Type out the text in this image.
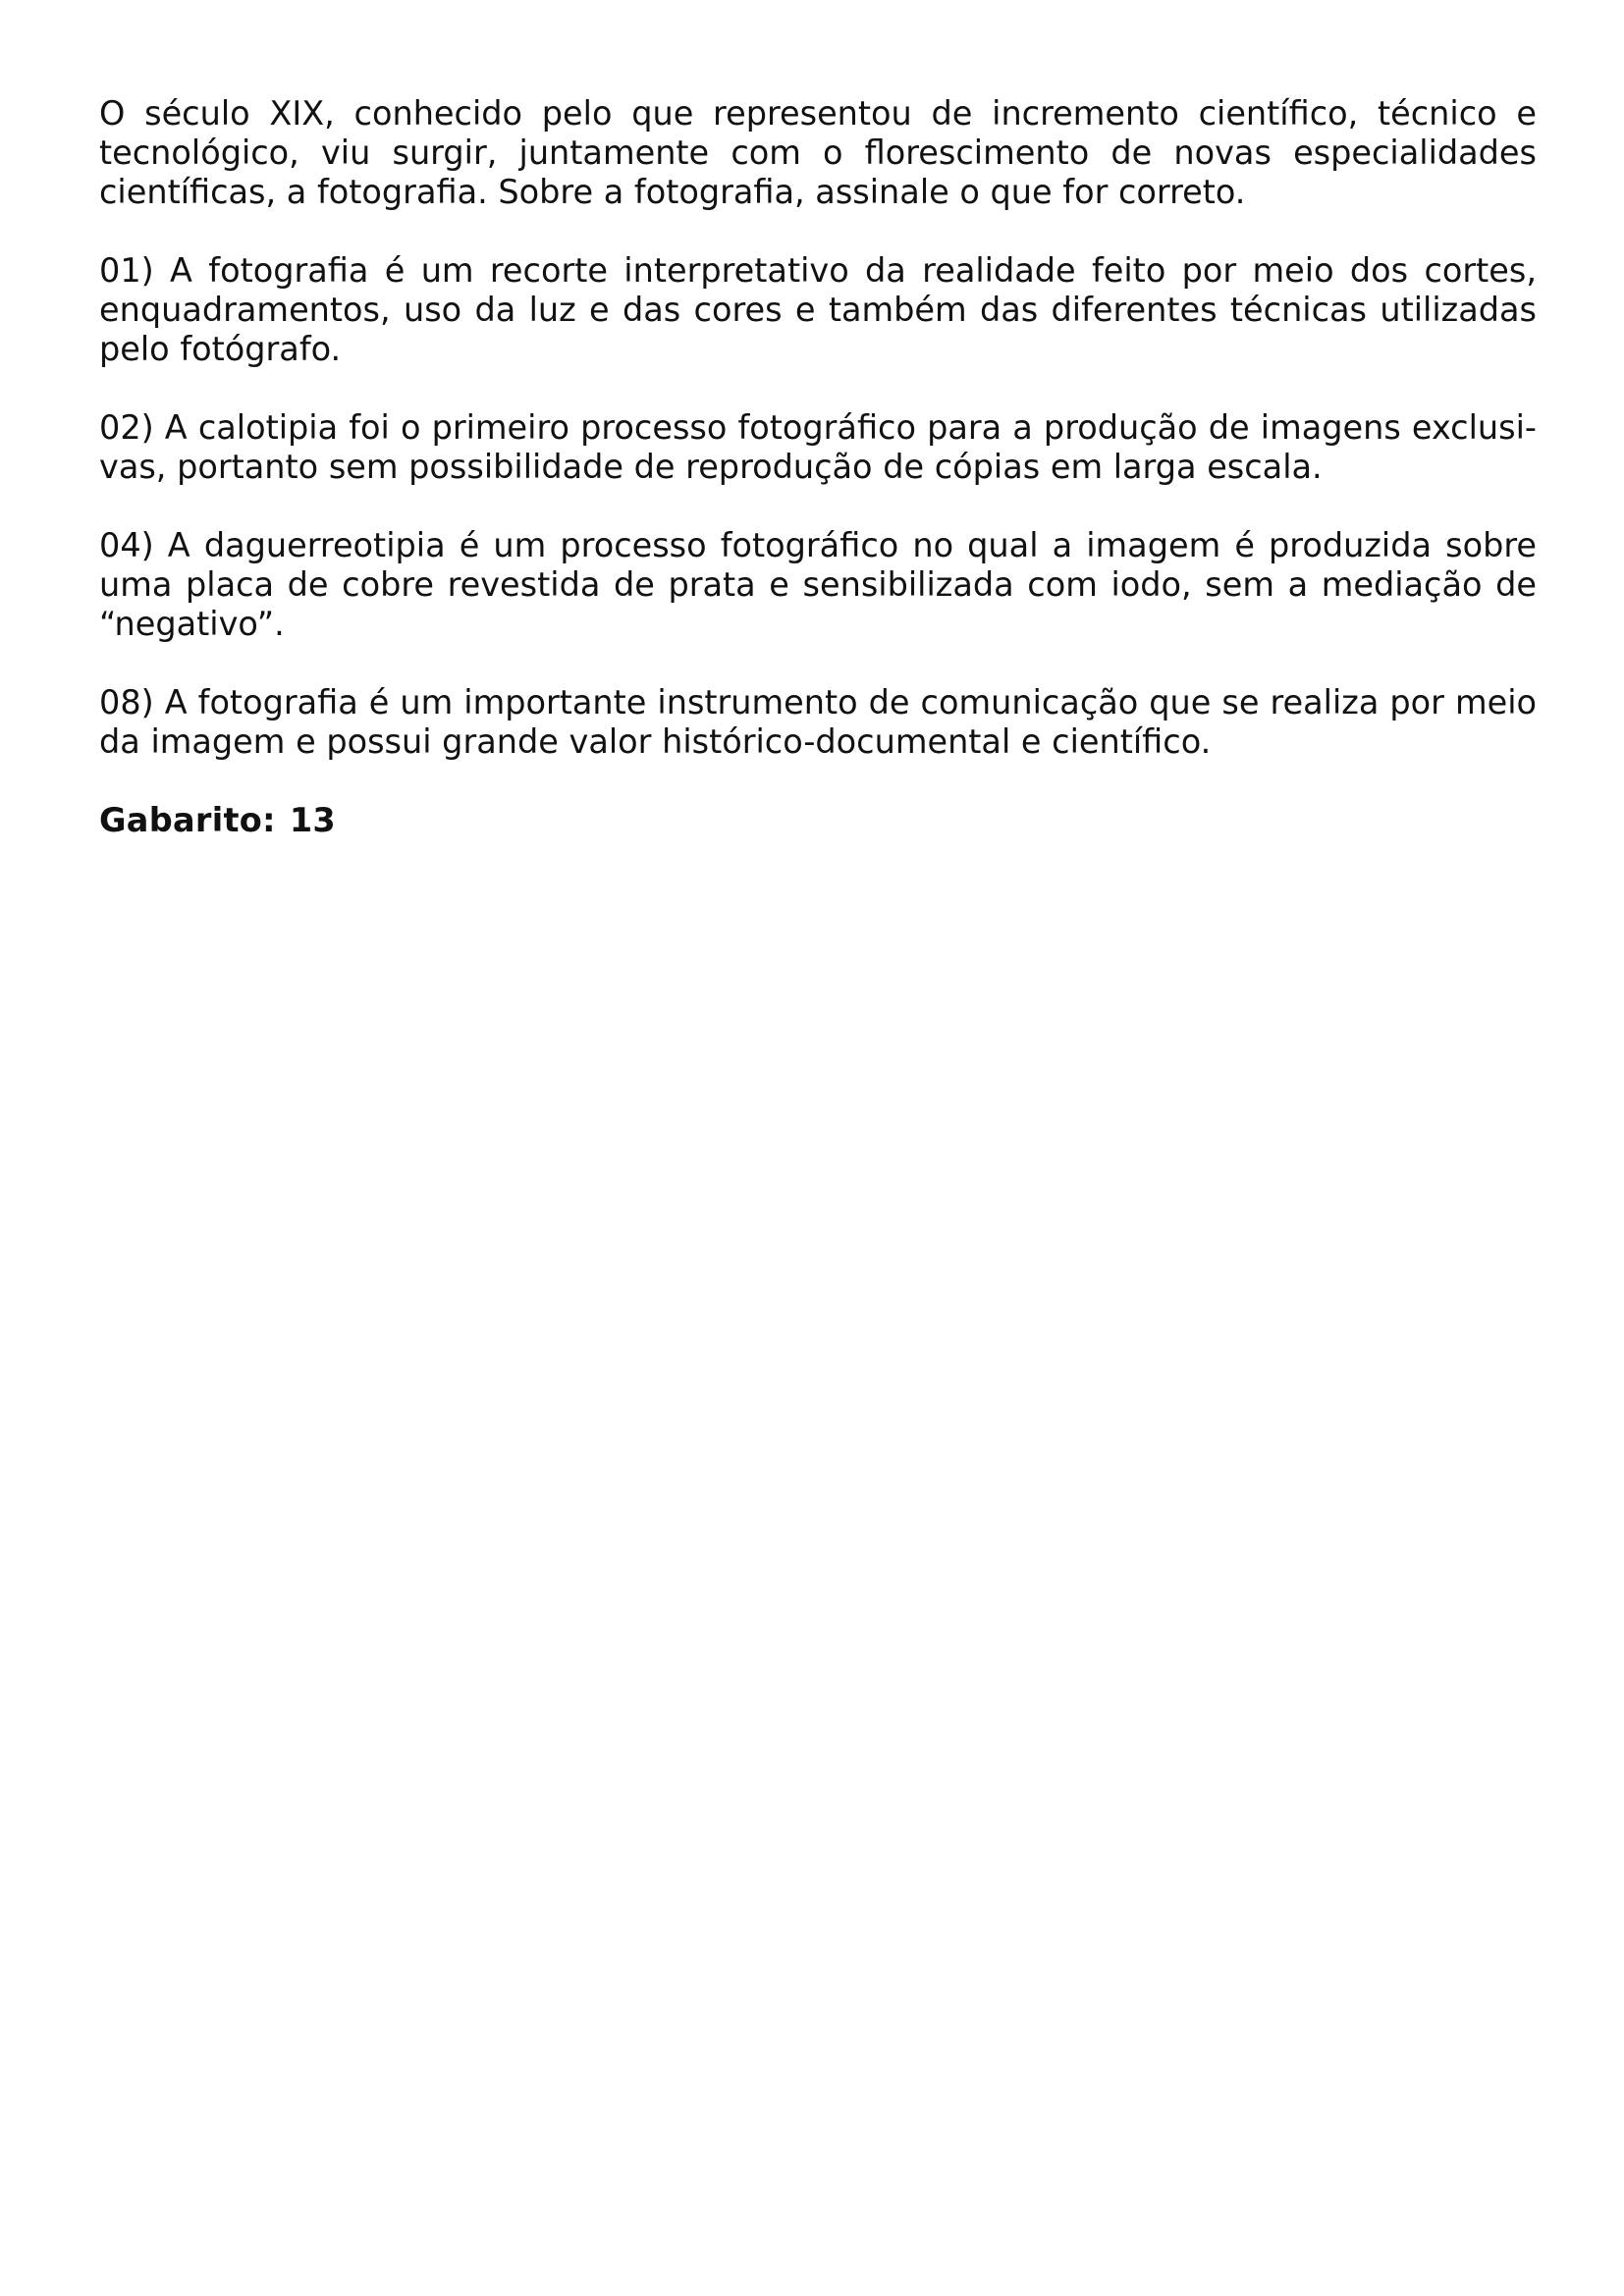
O século XIX, conhecido pelo que representou de incremento científico, técnico e tecnológico, viu surgir, juntamente com o florescimento de novas especialidades científicas, a fotografia. Sobre a fotografia, assinale o que for correto.

01) A fotografia é um recorte interpretativo da realidade feito por meio dos cortes, enquadramentos, uso da luz e das cores e também das diferentes técnicas utilizadas pelo fotógrafo.

02) A calotipia foi o primeiro processo fotográfico para a produção de imagens exclusivas, portanto sem possibilidade de reprodução de cópias em larga escala.

04) A daguerreotipia é um processo fotográfico no qual a imagem é produzida sobre uma placa de cobre revestida de prata e sensibilizada com iodo, sem a mediação de “negativo”.

08) A fotografia é um importante instrumento de comunicação que se realiza por meio da imagem e possui grande valor histórico-documental e científico.

Gabarito: 13
